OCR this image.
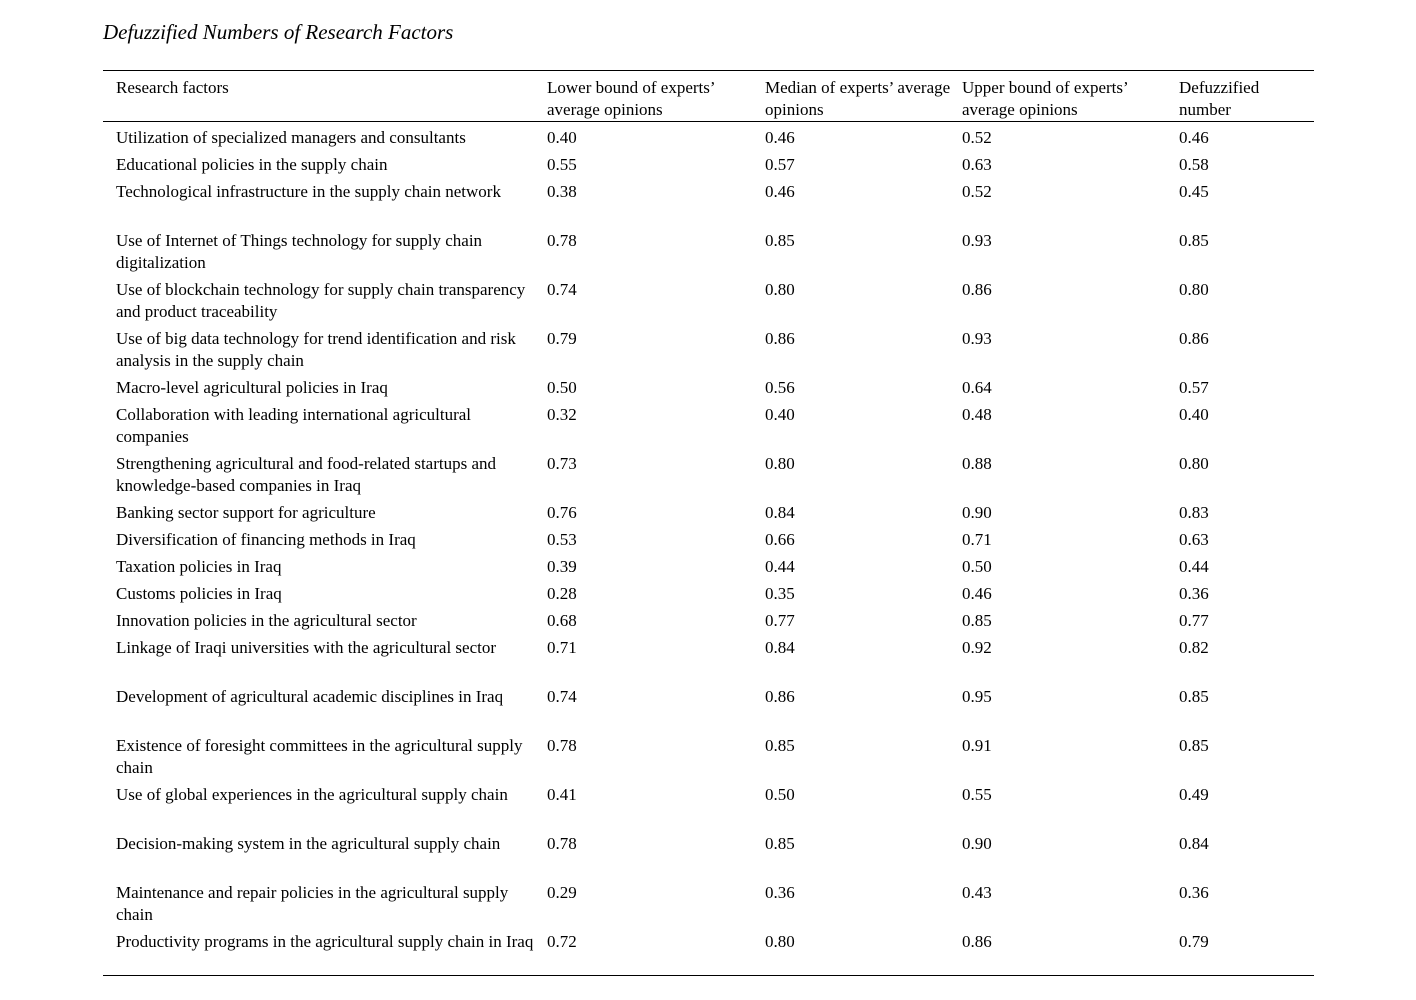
Defuzzified Numbers of Research Factors
Research factors	Lower bound of experts’ average opinions	Median of experts’ average opinions	Upper bound of experts’ average opinions	Defuzzified number
Utilization of specialized managers and consultants	0.40	0.46	0.52	0.46
Educational policies in the supply chain	0.55	0.57	0.63	0.58
Technological infrastructure in the supply chain network	0.38	0.46	0.52	0.45
Use of Internet of Things technology for supply chain digitalization	0.78	0.85	0.93	0.85
Use of blockchain technology for supply chain transparency and product traceability	0.74	0.80	0.86	0.80
Use of big data technology for trend identification and risk analysis in the supply chain	0.79	0.86	0.93	0.86
Macro-level agricultural policies in Iraq	0.50	0.56	0.64	0.57
Collaboration with leading international agricultural companies	0.32	0.40	0.48	0.40
Strengthening agricultural and food-related startups and knowledge-based companies in Iraq	0.73	0.80	0.88	0.80
Banking sector support for agriculture	0.76	0.84	0.90	0.83
Diversification of financing methods in Iraq	0.53	0.66	0.71	0.63
Taxation policies in Iraq	0.39	0.44	0.50	0.44
Customs policies in Iraq	0.28	0.35	0.46	0.36
Innovation policies in the agricultural sector	0.68	0.77	0.85	0.77
Linkage of Iraqi universities with the agricultural sector	0.71	0.84	0.92	0.82
Development of agricultural academic disciplines in Iraq	0.74	0.86	0.95	0.85
Existence of foresight committees in the agricultural supply chain	0.78	0.85	0.91	0.85
Use of global experiences in the agricultural supply chain	0.41	0.50	0.55	0.49
Decision-making system in the agricultural supply chain	0.78	0.85	0.90	0.84
Maintenance and repair policies in the agricultural supply chain	0.29	0.36	0.43	0.36
Productivity programs in the agricultural supply chain in Iraq	0.72	0.80	0.86	0.79
